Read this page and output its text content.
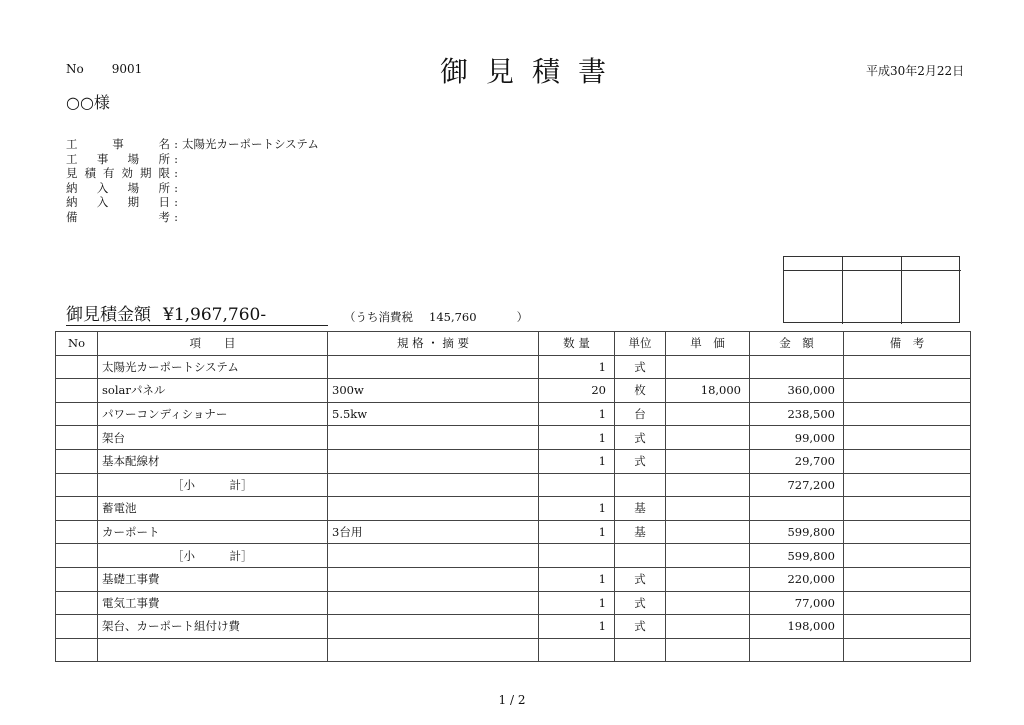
No 9001	御見積書	平成30年2月22日
○○様
工	事	名 : 太陽光カーポートシステム
工 事 場 所 :
見 積 有 効 期 限 :
納 入 場 所 :
納 入 期 日 :
備	考 :
御見積金額 ¥1,967,760-	（うち消費税 145,760	）
No	項　　目	規 格 ・ 摘 要	数 量	単位	単　価	金　額	備　考
	太陽光カーポートシステム		1	式			
	solarパネル	300w	20	枚	18,000	360,000	
	パワーコンディショナー	5.5kw	1	台		238,500	
	架台		1	式		99,000	
	基本配線材		1	式		29,700	
	［小　　　計］					727,200	
	蓄電池		1	基			
	カーポート	3台用	1	基		599,800	
	［小　　　計］					599,800	
	基礎工事費		1	式		220,000	
	電気工事費		1	式		77,000	
	架台、カーポート組付け費		1	式		198,000	

1 / 2
